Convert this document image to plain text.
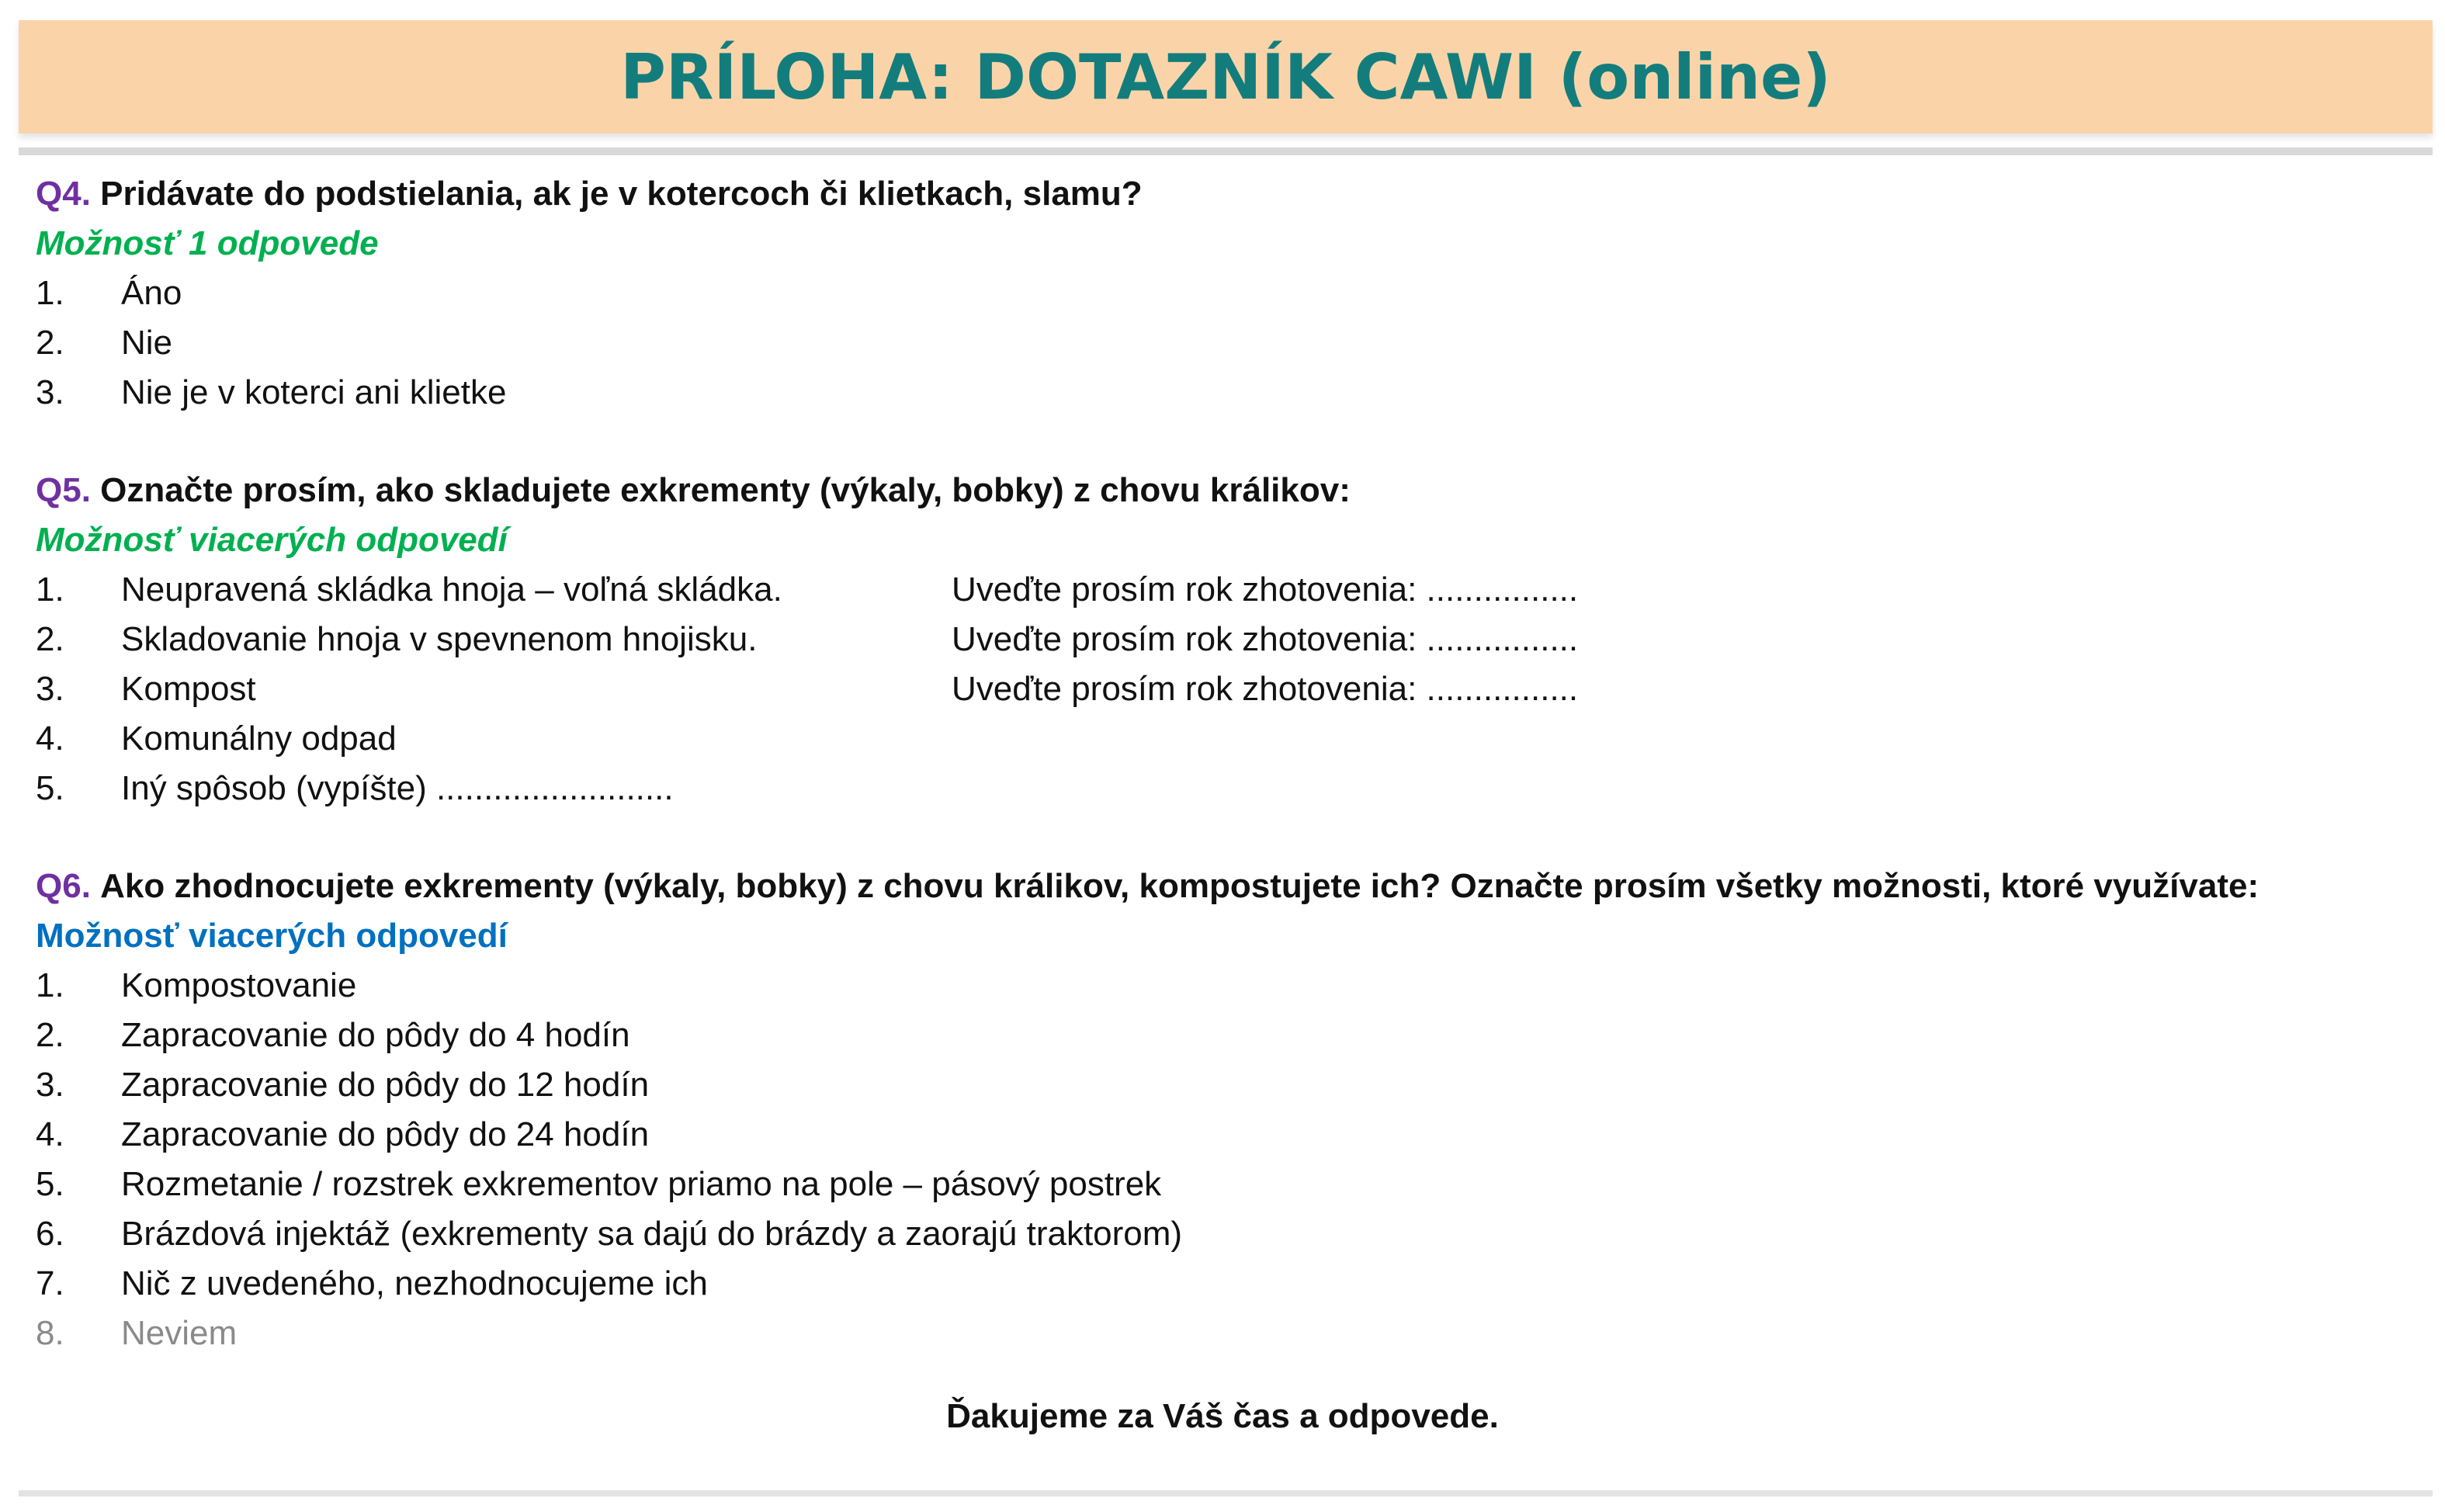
PRÍLOHA: DOTAZNÍK CAWI (online)
Q4. Pridávate do podstielania, ak je v kotercoch či klietkach, slamu?
Možnosť 1 odpovede
1.	Áno
2.	Nie
3.	Nie je v koterci ani klietke
Q5. Označte prosím, ako skladujete exkrementy (výkaly, bobky) z chovu králikov:
Možnosť viacerých odpovedí
1.	Neupravená skládka hnoja – voľná skládka.	Uveďte prosím rok zhotovenia: ................
2.	Skladovanie hnoja v spevnenom hnojisku.	Uveďte prosím rok zhotovenia: ................
3.	Kompost	Uveďte prosím rok zhotovenia: ................
4.	Komunálny odpad
5.	Iný spôsob (vypíšte) .........................
Q6. Ako zhodnocujete exkrementy (výkaly, bobky) z chovu králikov, kompostujete ich? Označte prosím všetky možnosti, ktoré využívate:
Možnosť viacerých odpovedí
1.	Kompostovanie
2.	Zapracovanie do pôdy do 4 hodín
3.	Zapracovanie do pôdy do 12 hodín
4.	Zapracovanie do pôdy do 24 hodín
5.	Rozmetanie / rozstrek exkrementov priamo na pole – pásový postrek
6.	Brázdová injektáž (exkrementy sa dajú do brázdy a zaorajú traktorom)
7.	Nič z uvedeného, nezhodnocujeme ich
8.	Neviem
Ďakujeme za Váš čas a odpovede.
